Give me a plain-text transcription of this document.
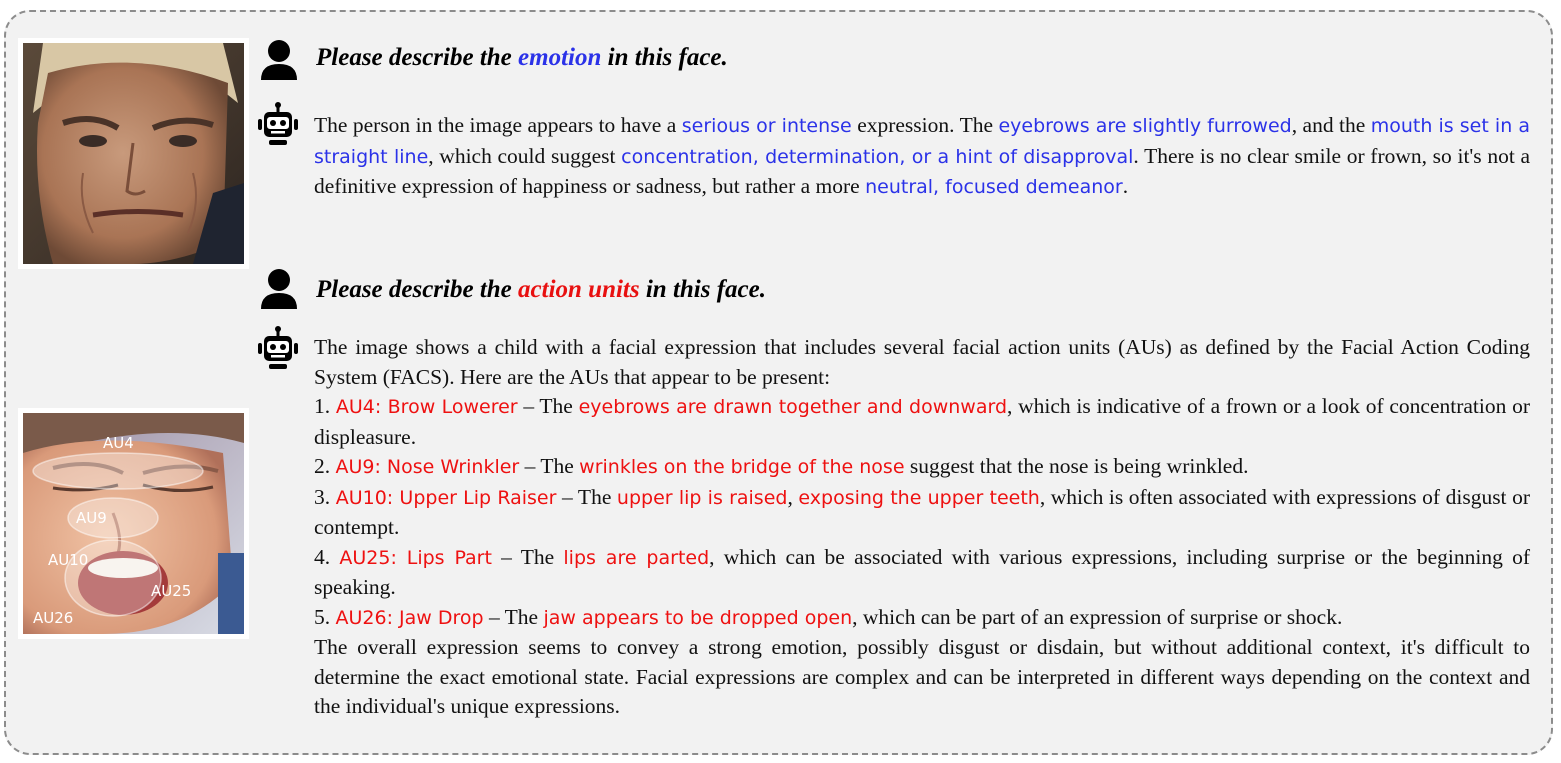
AU4
AU9
AU10
AU25
AU26
Please describe the emotion in this face.

The person in the image appears to have a serious or intense expression. The eyebrows are slightly furrowed, and the mouth is set in a straight line, which could suggest concentration, determination, or a hint of disapproval. There is no clear smile or frown, so it's not a definitive expression of happiness or sadness, but rather a more neutral, focused demeanor.

Please describe the action units in this face.

The image shows a child with a facial expression that includes several facial action units (AUs) as defined by the Facial Action Coding System (FACS). Here are the AUs that appear to be present:

1. AU4: Brow Lowerer – The eyebrows are drawn together and downward, which is indicative of a frown or a look of concentration or displeasure.

2. AU9: Nose Wrinkler – The wrinkles on the bridge of the nose suggest that the nose is being wrinkled.

3. AU10: Upper Lip Raiser – The upper lip is raised, exposing the upper teeth, which is often associated with expressions of disgust or contempt.

4. AU25: Lips Part – The lips are parted, which can be associated with various expressions, including surprise or the beginning of speaking.

5. AU26: Jaw Drop – The jaw appears to be dropped open, which can be part of an expression of surprise or shock.

The overall expression seems to convey a strong emotion, possibly disgust or disdain, but without additional context, it's difficult to determine the exact emotional state. Facial expressions are complex and can be interpreted in different ways depending on the context and the individual's unique expressions.
